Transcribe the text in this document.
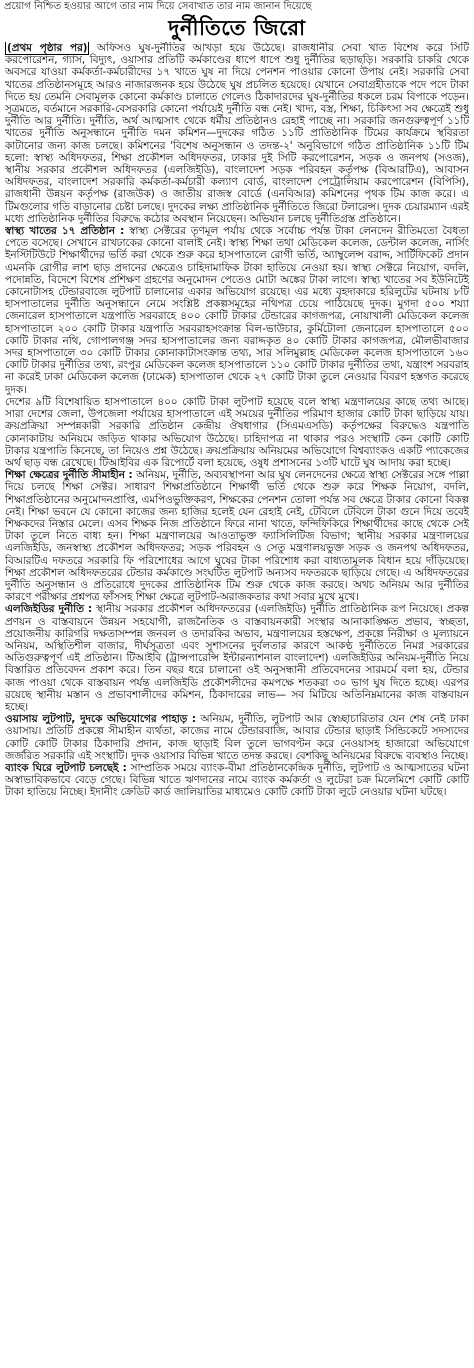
প্রয়োগ নিশ্চিত হওয়ার আগে তার নাম দিয়ে সেবাখাত তার নাম জানান দিয়েছে
দুর্নীতিতে জিরো

(প্রথম পৃষ্ঠার পর) অফিসও ঘুষ-দুর্নীতির আখড়া হয়ে উঠেছে। রাজধানীর সেবা খাত বিশেষ করে সিটি করপোরেশন, গ্যাস, বিদ্যুৎ, ওয়াসার প্রতিটি কর্মকাণ্ডের ধাপে ধাপে শুধু দুর্নীতির ছড়াছড়ি। সরকারি চাকরি থেকে অবসরে যাওয়া কর্মকর্তা-কর্মচারীদের ১৭ খাতে ঘুষ না দিয়ে পেনশন পাওয়ার কোনো উপায় নেই। সরকারি সেবা খাতের প্রতিষ্ঠানসমূহে আরও নাজারজনক হয়ে উঠেছে ঘুষ প্রচলিত হয়েছে। যেখানে সেবাগ্রহীতাকে পদে পদে টাকা দিতে হয় তেমনি সেবামূলক কোনো কর্মকাণ্ড চালাতে গেলেও ঠিকাদারদের ঘুষ-দুর্নীতির ধকলে চরম বিপাকে পড়েন। সূত্রমতে, বর্তমানে সরকারি-বেসরকারি কোনো পর্যায়েই দুর্নীতি বন্ধ নেই। খাদ্য, বস্ত্র, শিক্ষা, চিকিৎসা সব ক্ষেত্রেই শুধু দুর্নীতি আর দুর্নীতি। দুর্নীতি, অর্থ আত্মসাৎ থেকে ধর্মীয় প্রতিষ্ঠানও রেহাই পাচ্ছে না। সরকারি জনগুরুত্বপূর্ণ ১১টি খাতের দুর্নীতি অনুসন্ধানে দুর্নীতি দমন কমিশন—দুদকের গঠিত ১১টি প্রাতিষ্ঠানিক টিমের কার্যক্রমে স্থবিরতা কাটানোর জন্য কাজ চলছে। কমিশনের 'বিশেষ অনুসন্ধান ও তদন্ত-২' অনুবিভাগে গঠিত প্রাতিষ্ঠানিক ১১টি টিম হলো: স্বাস্থ্য অধিদফতর, শিক্ষা প্রকৌশল অধিদফতর, ঢাকার দুই সিটি করপোরেশন, সড়ক ও জনপথ (সওজ), স্থানীয় সরকার প্রকৌশল অধিদফতর (এলজিইডি), বাংলাদেশ সড়ক পরিবহন কর্তৃপক্ষ (বিআরটিএ), আবাসন অধিদফতর, বাংলাদেশ সরকারি কর্মকর্তা-কর্মচারী কল্যাণ বোর্ড, বাংলাদেশ পেট্রোলিয়াম করপোরেশন (বিপিসি), রাজধানী উন্নয়ন কর্তৃপক্ষ (রাজউক) ও জাতীয় রাজস্ব বোর্ডে (এনবিআর) কমিশনের পৃথক টিম কাজ করে। এ টিমগুলোর গতি বাড়ানোর চেষ্টা চলছে। দুদকের লক্ষ্য প্রাতিষ্ঠানিক দুর্নীতিতে জিরো টলারেন্স। দুদক চেয়ারম্যান এরই মধ্যে প্রাতিষ্ঠানিক দুর্নীতির বিরুদ্ধে কঠোর অবস্থান নিয়েছেন। অভিযান চলছে দুর্নীতিগ্রস্ত প্রতিষ্ঠানে।

স্বাস্থ্য খাতের ১৭ প্রতিষ্ঠান : স্বাস্থ্য সেক্টরের তৃণমূল পর্যায় থেকে সর্বোচ্চ পর্যন্ত টাকা লেনদেন রীতিমতো বৈধতা পেতে বসেছে। সেখানে রাখঢাকের কোনো বালাই নেই। স্বাস্থ্য শিক্ষা তথা মেডিকেল কলেজ, ডেন্টাল কলেজ, নার্সিং ইনস্টিটিউটে শিক্ষার্থীদের ভর্তি করা থেকে শুরু করে হাসপাতালে রোগী ভর্তি, অ্যাম্বুলেন্স বরাদ্দ, সার্টিফিকেট প্রদান এমনকি রোগীর লাশ ছাড় প্রদানের ক্ষেত্রেও চাহিদামাফিক টাকা হাতিয়ে নেওয়া হয়। স্বাস্থ্য সেক্টরে নিয়োগ, বদলি, পদোন্নতি, বিদেশে বিশেষ প্রশিক্ষণ গ্রহণের অনুমোদন পেতেও মোটা অঙ্কের টাকা লাগে। স্বাস্থ্য খাতের সব ইউনিটেই কোনোটাসহ টেন্ডারবাজে লুটপাট চালানোর একার অভিযোগ রয়েছে। এর মধ্যে বৃহদাকারে হরিলুটের ঘটনায় ৮টি হাসপাতালের দুর্নীতি অনুসন্ধানে নেমে সংশ্লিষ্ট প্রকল্পসমূহের নথিপত্র চেয়ে পাঠিয়েছে দুদক। মুগদা ৫০০ শয্যা জেনারেল হাসপাতালে যন্ত্রপাতি সরবরাহে ৪০০ কোটি টাকার টেন্ডারের কাগজপত্র, নোয়াখালী মেডিকেল কলেজ হাসপাতালে ২০০ কোটি টাকার যন্ত্রপাতি সরবরাহসংক্রান্ত বিল-ভাউচার, কুর্মিটোলা জেনারেল হাসপাতালে ৫০০ কোটি টাকার নথি, গোপালগঞ্জ সদর হাসপাতালের জন্য বরাদ্দকৃত ৪০ কোটি টাকার কাগজপত্র, মৌলভীবাজার সদর হাসপাতালে ৩০ কোটি টাকার কোনাকাটাসংক্রান্ত তথ্য, সার সলিমুল্লাহ মেডিকেল কলেজ হাসপাতালে ১৬০ কোটি টাকার দুর্নীতির তথ্য, রংপুর মেডিকেল কলেজ হাসপাতালে ১১০ কোটি টাকার দুর্নীতির তথ্য, যন্ত্রাংশ সরবরাহ না করেই ঢাকা মেডিকেল কলেজ (ঢামেক) হাসপাতাল থেকে ২৭ কোটি টাকা তুলে নেওয়ার বিবরণ হস্তগত করেছে দুদক।

দেশের ৯টি বিশেষায়িত হাসপাতালে ৪০০ কোটি টাকা লুটপাট হয়েছে বলে স্বাস্থ্য মন্ত্রণালয়ের কাছে তথ্য আছে। সারা দেশের জেলা, উপজেলা পর্যায়ের হাসপাতালে এই সময়ের দুর্নীতির পরিমাণ হাজার কোটি টাকা ছাড়িয়ে যায়। ক্রয়প্রক্রিয়া সম্পন্নকারী সরকারি প্রতিষ্ঠান কেন্দ্রীয় ঔষধাগার (সিএমএসডি) কর্তৃপক্ষের বিরুদ্ধেও যন্ত্রপাতি কোনাকাটায় অনিয়মে জড়িত থাকার অভিযোগ উঠেছে। চাহিদাপত্র না থাকার পরও সংস্থাটি কেন কোটি কোটি টাকার যন্ত্রপাতি কিনেছে, তা নিয়েও প্রশ্ন উঠেছে। ক্রয়প্রক্রিয়ায় অনিয়মের অভিযোগে বিশ্বব্যাংকও একটি প্যাকেজের অর্থ ছাড় বন্ধ রেখেছে। টিআইবির এক রিপোর্টে বলা হয়েছে, ওষুধ প্রশাসনের ১৩টি ঘাটে ঘুষ আদায় করা হচ্ছে।

শিক্ষা ক্ষেত্রের দুর্নীতি সীমাহীন : অনিয়ম, দুর্নীতি, অব্যবস্থাপনা আর ঘুষ লেনদেনের ক্ষেত্রে স্বাস্থ্য সেক্টরের সঙ্গে পাল্লা দিয়ে চলছে শিক্ষা সেক্টর। সাধারণ শিক্ষাপ্রতিষ্ঠানে শিক্ষার্থী ভর্তি থেকে শুরু করে শিক্ষক নিয়োগ, বদলি, শিক্ষাপ্রতিষ্ঠানের অনুমোদনপ্রাপ্তি, এমপিওভুক্তিকরণ, শিক্ষকের পেনশন তোলা পর্যন্ত সব ক্ষেত্রে টাকার কোনো বিকল্প নেই। শিক্ষা ভবনে যে কোনো কাজের জন্য হাজির হলেই যেন রেহাই নেই, টেবিলে টেবিলে টাকা গুনে দিয়ে তবেই শিক্ষকদের নিস্তার মেলে। এসব শিক্ষক নিজ প্রতিষ্ঠানে ফিরে নানা খাতে, ফন্দিফিকিরে শিক্ষার্থীদের কাছে থেকে সেই টাকা তুলে নিতে বাধ্য হন। শিক্ষা মন্ত্রণালয়ের আওতাভুক্ত ফ্যাসিলিটিজ বিভাগ; স্থানীয় সরকার মন্ত্রণালয়ের এলজিইডি, জনস্বাস্থ্য প্রকৌশল অধিদফতর; সড়ক পরিবহন ও সেতু মন্ত্রণালয়ভুক্ত সড়ক ও জনপথ অধিদফতর, বিআরটিএ দফতরে সরকারি ফি পরিশোধের আগে ঘুষের টাকা পরিশোধ করা বাধ্যতামূলক বিধান হয়ে দাঁড়িয়েছে। শিক্ষা প্রকৌশল অধিদফতরের টেন্ডার কর্মকাণ্ডে সংঘটিত লুটপাট অন্যসব দফতরকে ছাড়িয়ে গেছে। এ অধিদফতরের দুর্নীতি অনুসন্ধান ও প্রতিরোধে দুদকের প্রাতিষ্ঠানিক টিম শুরু থেকে কাজ করছে। অথচ অনিয়ম আর দুর্নীতির কারণে পরীক্ষার প্রশ্নপত্র ফাঁসসহ শিক্ষা ক্ষেত্রে লুটপাট-অরাজকতার কথা সবার মুখে মুখে।

এলজিইডির দুর্নীতি : স্থানীয় সরকার প্রকৌশল অধিদফতরের (এলজিইডি) দুর্নীতি প্রাতিষ্ঠানিক রূপ নিয়েছে। প্রকল্প প্রণয়ন ও বাস্তবায়নে উন্নয়ন সহযোগী, রাজনৈতিক ও বাস্তবায়নকারী সংস্থার আনাকাঙ্ক্ষিত প্রভাব, স্বচ্ছতা, প্রয়োজনীয় কারিগরি দক্ষতাসম্পন্ন জনবল ও তদারকির অভাব, মন্ত্রণালয়ের হস্তক্ষেপ, প্রকল্পে নিরীক্ষা ও মূল্যায়নে অনিয়ম, অস্থিতিশীল বাজার, দীর্ঘসূত্রতা এবং সুশাসনের দুর্বলতার কারণে আকণ্ঠ দুর্নীতিতে নিমগ্ন সরকারের অতিগুরুত্বপূর্ণ এই প্রতিষ্ঠান। টিআইবি (ট্রান্সপারেন্সি ইন্টারন্যাশনাল বাংলাদেশ) এলজিইডির অনিয়ম-দুর্নীতি নিয়ে বিস্তারিত প্রতিবেদন প্রকাশ করে। তিন বছর ধরে চালানো ওই অনুসন্ধানী প্রতিবেদনের সারমর্মে বলা হয়, টেন্ডার কাজ পাওয়া থেকে বাস্তবায়ন পর্যন্ত এলজিইডি প্রকৌশলীদের কমপক্ষে শতকরা ৩০ ভাগ ঘুষ দিতে হচ্ছে। এরপর রয়েছে স্থানীয় মস্তান ও প্রভাবশালীদের কমিশন, ঠিকাদারের লাভ— সব মিটিয়ে অতিনিম্নমানের কাজ বাস্তবায়ন হচ্ছে।

ওয়াসায় লুটপাট, দুদকে অভিযোগের পাহাড় : অনিয়ম, দুর্নীতি, লুটপাট আর স্বেচ্ছাচারিতার যেন শেষ নেই ঢাকা ওয়াসায়। প্রতিটি প্রকল্পে সীমাহীন ব্যর্থতা, কাজের নামে টেন্ডারবাজি, আবার টেন্ডার ছাড়াই সিন্ডিকেটে সদস্যদের কোটি কোটি টাকার ঠিকাদারি প্রদান, কাজ ছাড়াই বিল তুলে ভাগবণ্টন করে নেওয়াসহ হাজারো অভিযোগে জর্জরিত সরকারি এই সংস্থাটি। দুদক ওয়াসার বিভিন্ন খাতে তদন্ত করছে। বেশকিছু অনিয়মের বিরুদ্ধে ব্যবস্থাও নিচ্ছে।

ব্যাংক ঘিরে লুটপাট চলছেই : সাম্প্রতিক সময়ে ব্যাংক-বীমা প্রতিষ্ঠানকেন্দ্রিক দুর্নীতি, লুটপাট ও আত্মসাতের ঘটনা অস্বাভাবিকভাবে বেড়ে গেছে। বিভিন্ন খাতে ঋণদানের নামে ব্যাংক কর্মকর্তা ও লুটেরা চক্র মিলেমিশে কোটি কোটি টাকা হাতিয়ে নিচ্ছে। ইদানীং ক্রেডিট কার্ড জালিয়াতির মাধ্যমেও কোটি কোটি টাকা লুটে নেওয়ার ঘটনা ঘটছে।
